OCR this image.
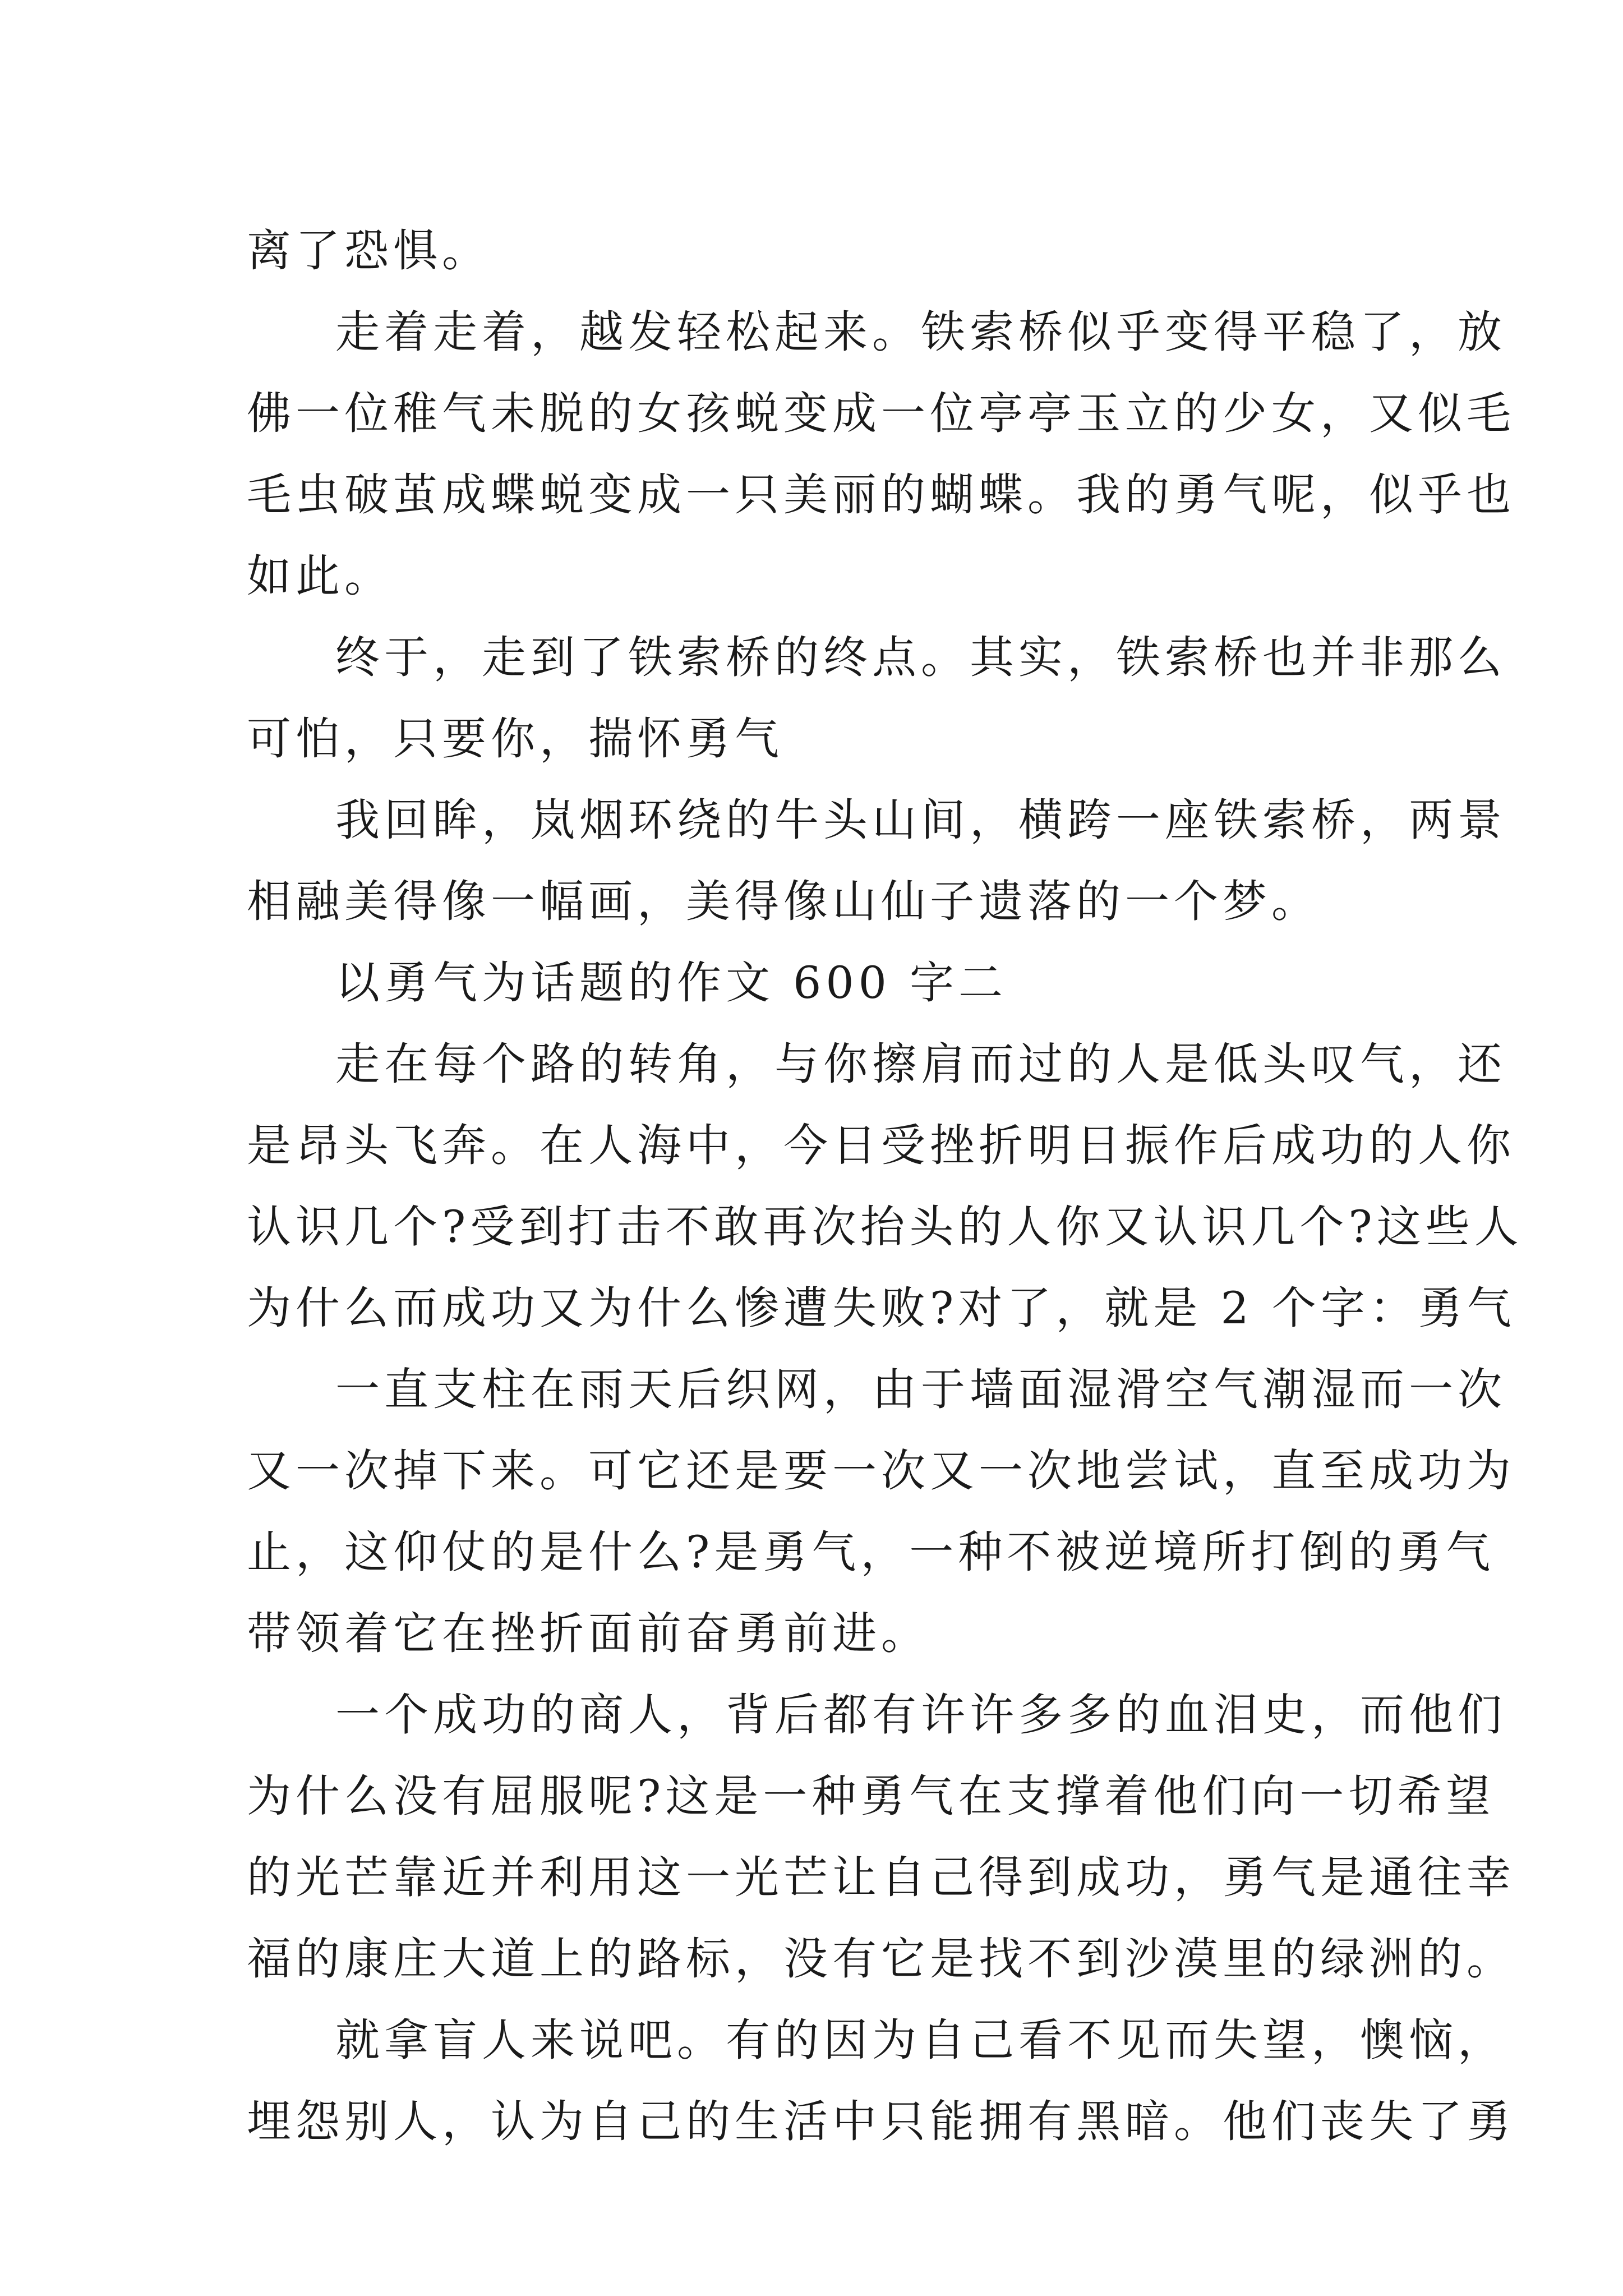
离了恐惧。
走着走着，越发轻松起来。铁索桥似乎变得平稳了，放
佛一位稚气未脱的女孩蜕变成一位亭亭玉立的少女，又似毛
毛虫破茧成蝶蜕变成一只美丽的蝴蝶。我的勇气呢，似乎也
如此。
终于，走到了铁索桥的终点。其实，铁索桥也并非那么
可怕，只要你，揣怀勇气
我回眸，岚烟环绕的牛头山间，横跨一座铁索桥，两景
相融美得像一幅画，美得像山仙子遗落的一个梦。
以勇气为话题的作文 600 字二
走在每个路的转角，与你擦肩而过的人是低头叹气，还
是昂头飞奔。在人海中，今日受挫折明日振作后成功的人你
认识几个?受到打击不敢再次抬头的人你又认识几个?这些人
为什么而成功又为什么惨遭失败?对了，就是 2 个字：勇气
一直支柱在雨天后织网，由于墙面湿滑空气潮湿而一次
又一次掉下来。可它还是要一次又一次地尝试，直至成功为
止，这仰仗的是什么?是勇气，一种不被逆境所打倒的勇气
带领着它在挫折面前奋勇前进。
一个成功的商人，背后都有许许多多的血泪史，而他们
为什么没有屈服呢?这是一种勇气在支撑着他们向一切希望
的光芒靠近并利用这一光芒让自己得到成功，勇气是通往幸
福的康庄大道上的路标，没有它是找不到沙漠里的绿洲的。
就拿盲人来说吧。有的因为自己看不见而失望，懊恼，
埋怨别人，认为自己的生活中只能拥有黑暗。他们丧失了勇
